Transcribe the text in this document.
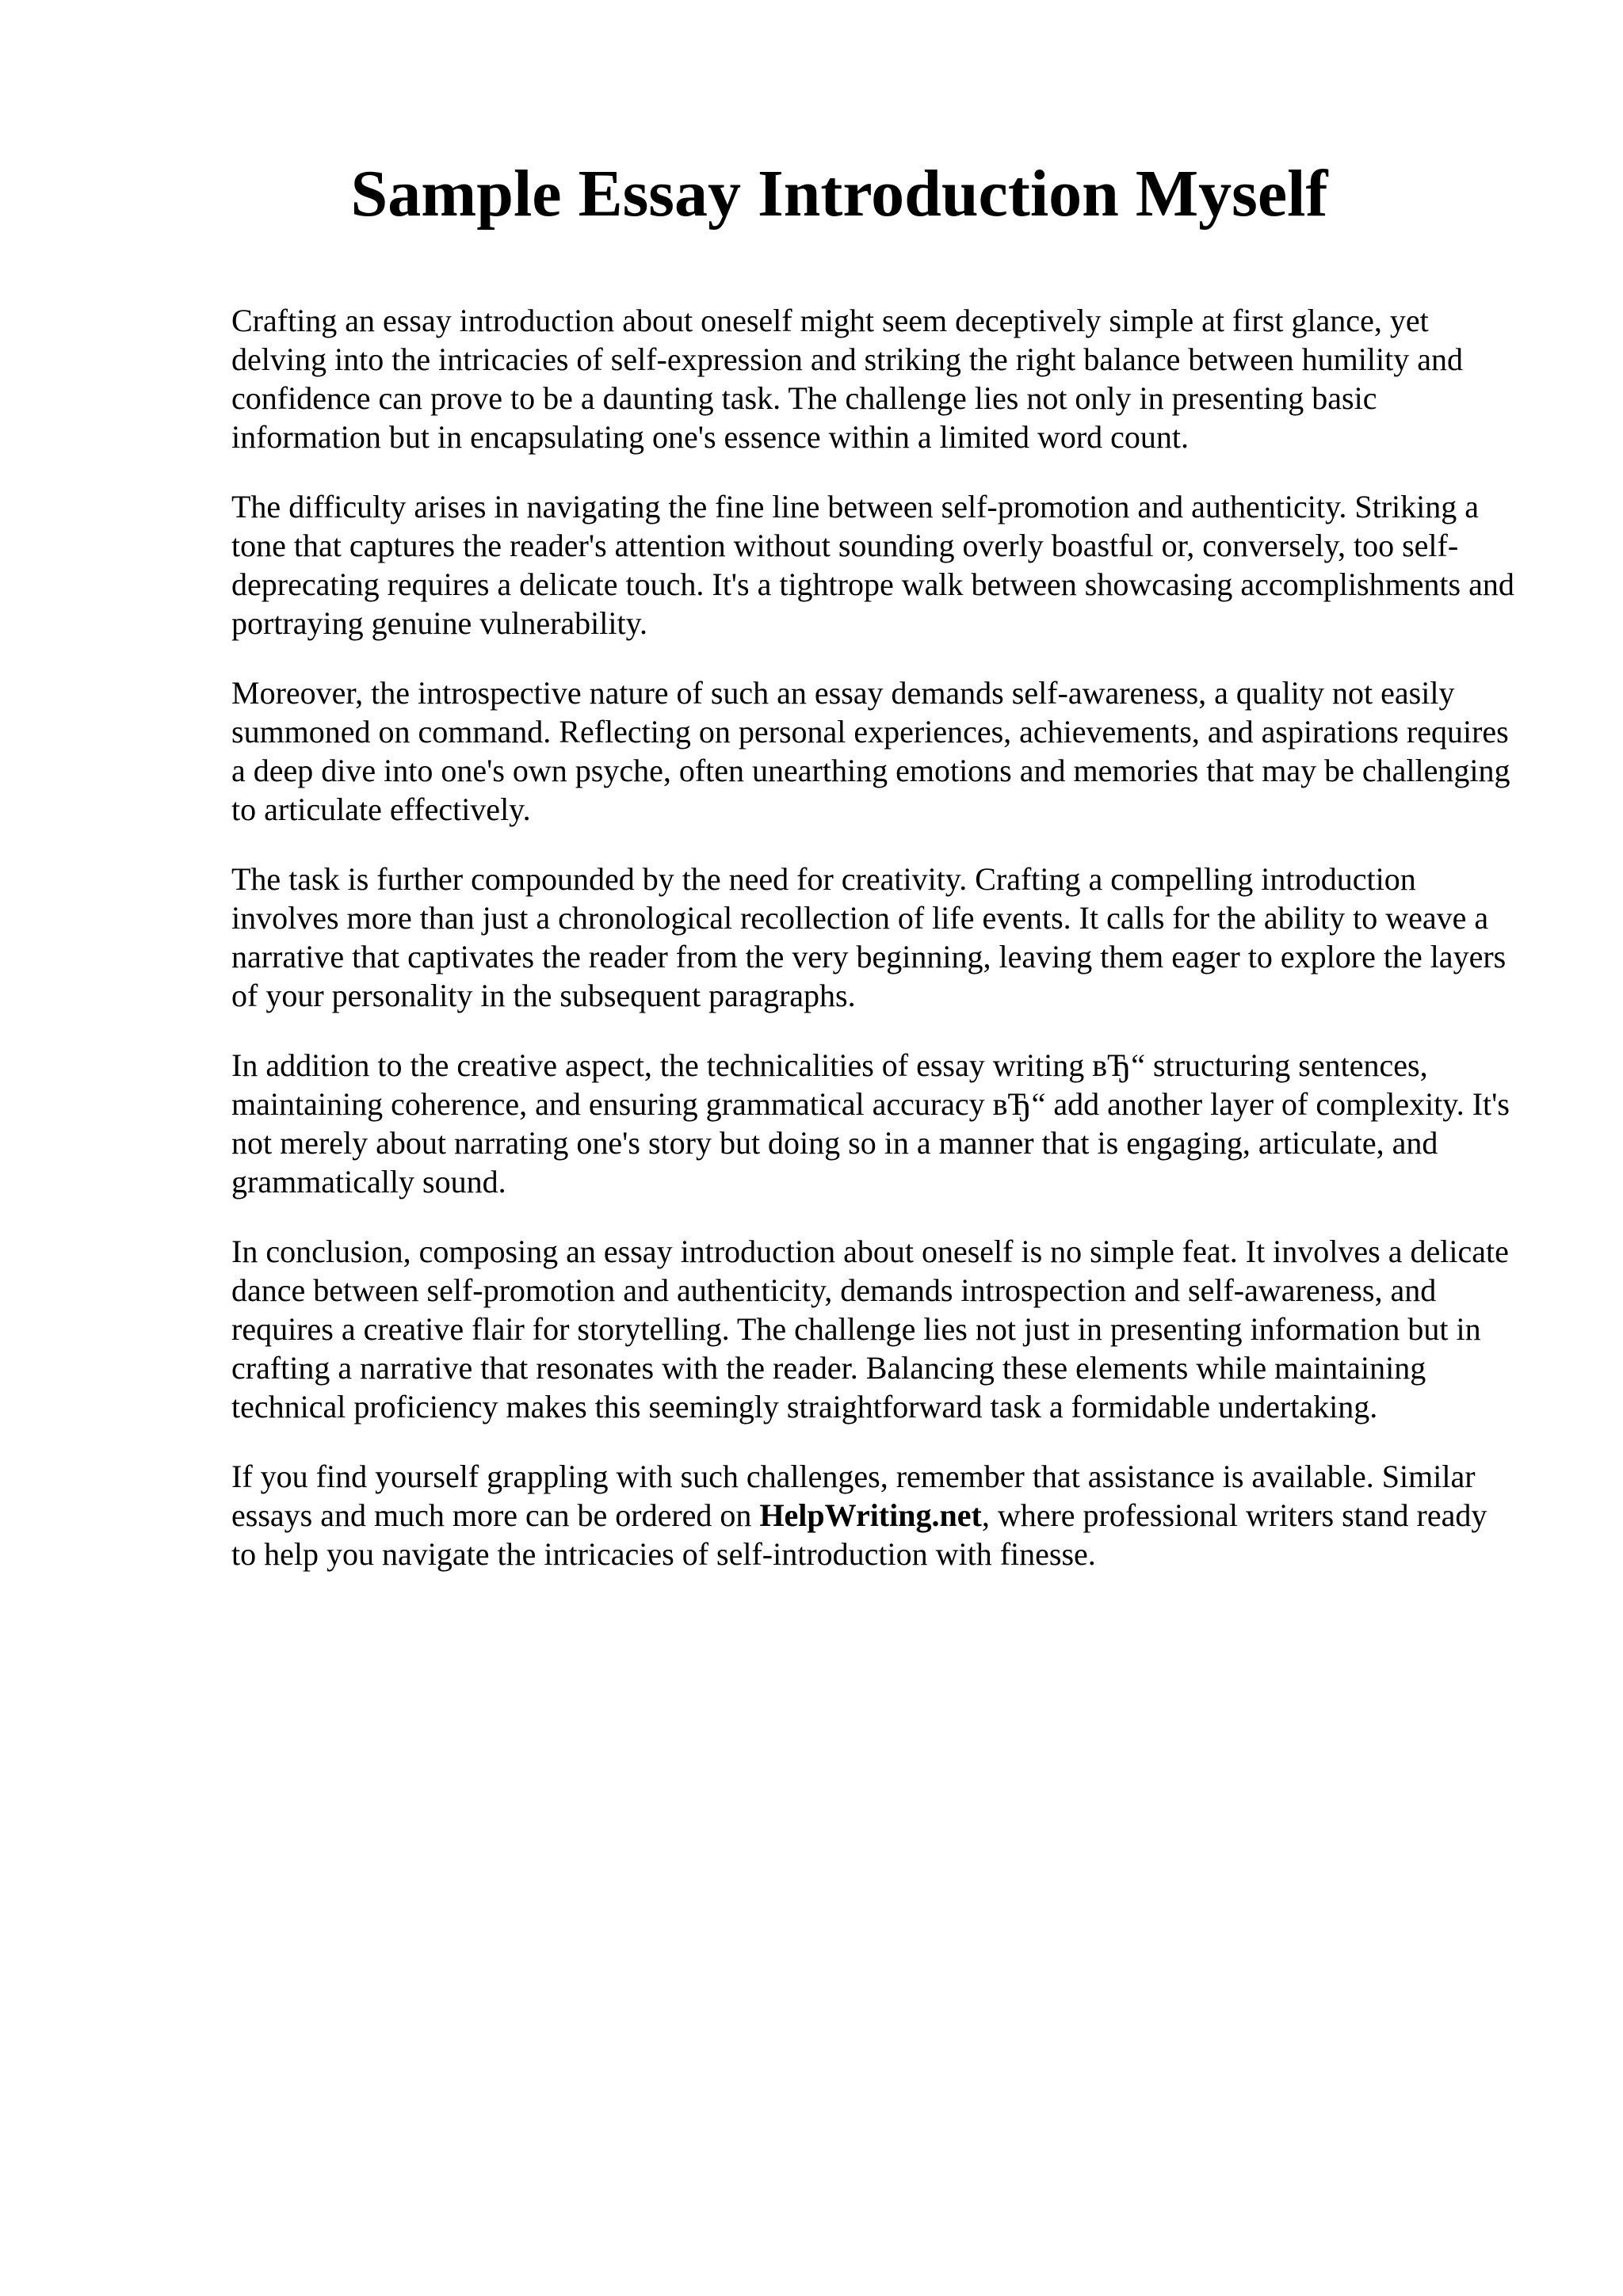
Sample Essay Introduction Myself

Crafting an essay introduction about oneself might seem deceptively simple at first glance, yet delving into the intricacies of self-expression and striking the right balance between humility and confidence can prove to be a daunting task. The challenge lies not only in presenting basic information but in encapsulating one's essence within a limited word count.

The difficulty arises in navigating the fine line between self-promotion and authenticity. Striking a tone that captures the reader's attention without sounding overly boastful or, conversely, too self-deprecating requires a delicate touch. It's a tightrope walk between showcasing accomplishments and portraying genuine vulnerability.

Moreover, the introspective nature of such an essay demands self-awareness, a quality not easily summoned on command. Reflecting on personal experiences, achievements, and aspirations requires a deep dive into one's own psyche, often unearthing emotions and memories that may be challenging to articulate effectively.

The task is further compounded by the need for creativity. Crafting a compelling introduction involves more than just a chronological recollection of life events. It calls for the ability to weave a narrative that captivates the reader from the very beginning, leaving them eager to explore the layers of your personality in the subsequent paragraphs.

In addition to the creative aspect, the technicalities of essay writing вЂ“ structuring sentences, maintaining coherence, and ensuring grammatical accuracy вЂ“ add another layer of complexity. It's not merely about narrating one's story but doing so in a manner that is engaging, articulate, and grammatically sound.

In conclusion, composing an essay introduction about oneself is no simple feat. It involves a delicate dance between self-promotion and authenticity, demands introspection and self-awareness, and requires a creative flair for storytelling. The challenge lies not just in presenting information but in crafting a narrative that resonates with the reader. Balancing these elements while maintaining technical proficiency makes this seemingly straightforward task a formidable undertaking.

If you find yourself grappling with such challenges, remember that assistance is available. Similar essays and much more can be ordered on HelpWriting.net, where professional writers stand ready to help you navigate the intricacies of self-introduction with finesse.
